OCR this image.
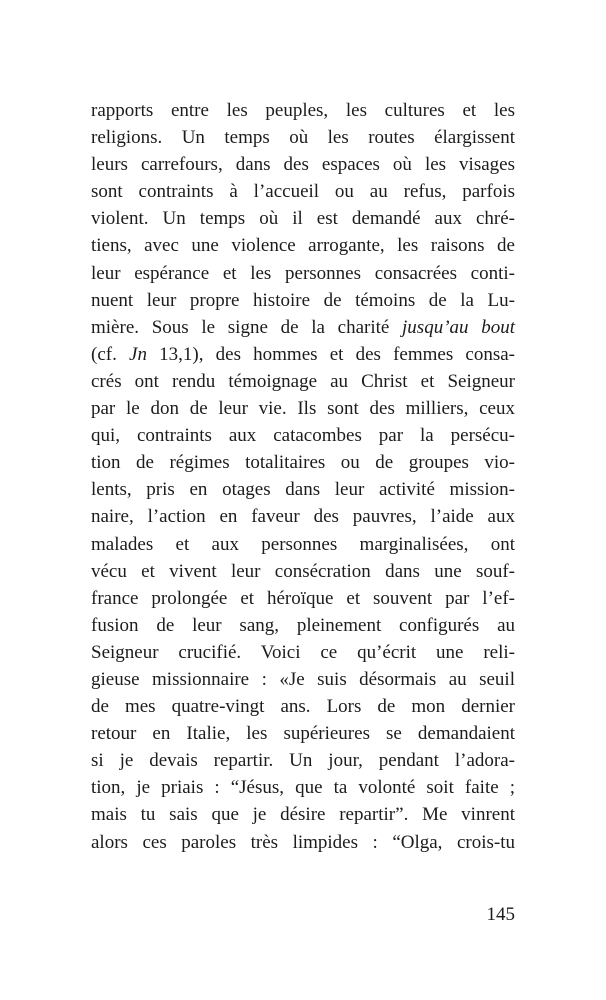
rapports entre les peuples, les cultures et les
religions. Un temps où les routes élargissent
leurs carrefours, dans des espaces où les visages
sont contraints à l’accueil ou au refus, parfois
violent. Un temps où il est demandé aux chré-
tiens, avec une violence arrogante, les raisons de
leur espérance et les personnes consacrées conti-
nuent leur propre histoire de témoins de la Lu-
mière. Sous le signe de la charité jusqu’au bout
(cf. Jn 13,1), des hommes et des femmes consa-
crés ont rendu témoignage au Christ et Seigneur
par le don de leur vie. Ils sont des milliers, ceux
qui, contraints aux catacombes par la persécu-
tion de régimes totalitaires ou de groupes vio-
lents, pris en otages dans leur activité mission-
naire, l’action en faveur des pauvres, l’aide aux
malades et aux personnes marginalisées, ont
vécu et vivent leur consécration dans une souf-
france prolongée et héroïque et souvent par l’ef-
fusion de leur sang, pleinement configurés au
Seigneur crucifié. Voici ce qu’écrit une reli-
gieuse missionnaire : «Je suis désormais au seuil
de mes quatre-vingt ans. Lors de mon dernier
retour en Italie, les supérieures se demandaient
si je devais repartir. Un jour, pendant l’adora-
tion, je priais : “Jésus, que ta volonté soit faite ;
mais tu sais que je désire repartir”. Me vinrent
alors ces paroles très limpides : “Olga, crois-tu
145
